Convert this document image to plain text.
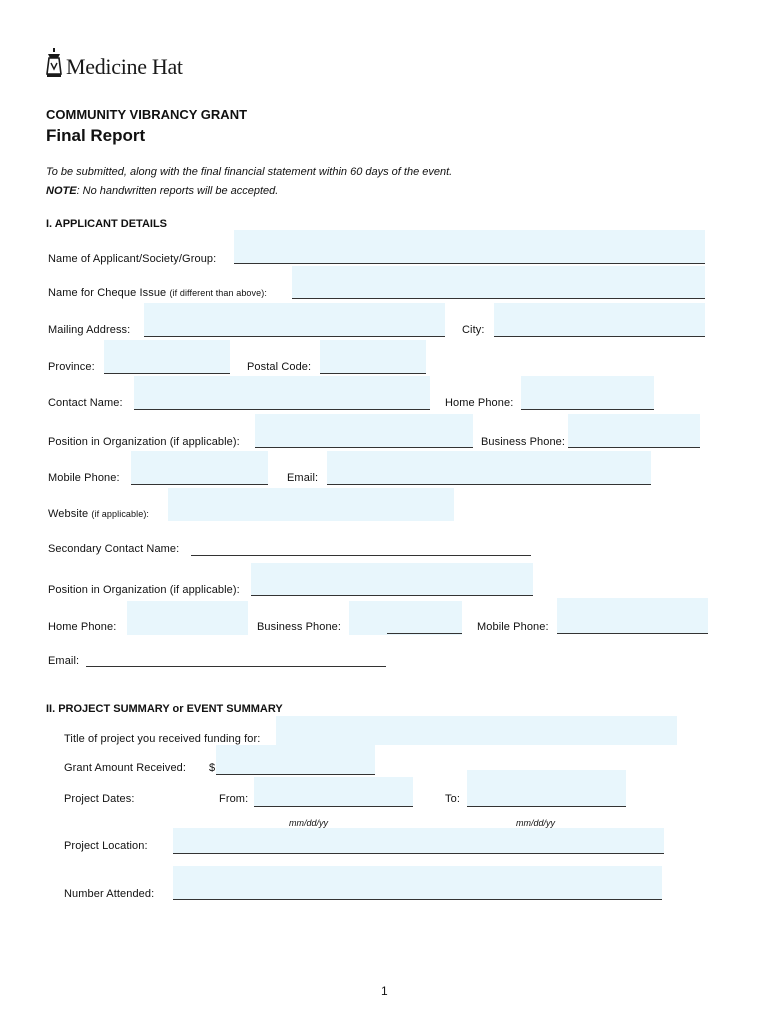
Medicine Hat
COMMUNITY VIBRANCY GRANT
Final Report
To be submitted, along with the final financial statement within 60 days of the event.
NOTE: No handwritten reports will be accepted.
I. APPLICANT DETAILS
Name of Applicant/Society/Group:
Name for Cheque Issue (if different than above):
Mailing Address:	City:
Province:	Postal Code:
Contact Name:	Home Phone:
Position in Organization (if applicable):	Business Phone:
Mobile Phone:	Email:
Website (if applicable):
Secondary Contact Name:
Position in Organization (if applicable):
Home Phone:	Business Phone:	Mobile Phone:
Email:
II. PROJECT SUMMARY or EVENT SUMMARY
Title of project you received funding for:
Grant Amount Received: $
Project Dates:	From:	To:
mm/dd/yy	mm/dd/yy
Project Location:
Number Attended:
1
